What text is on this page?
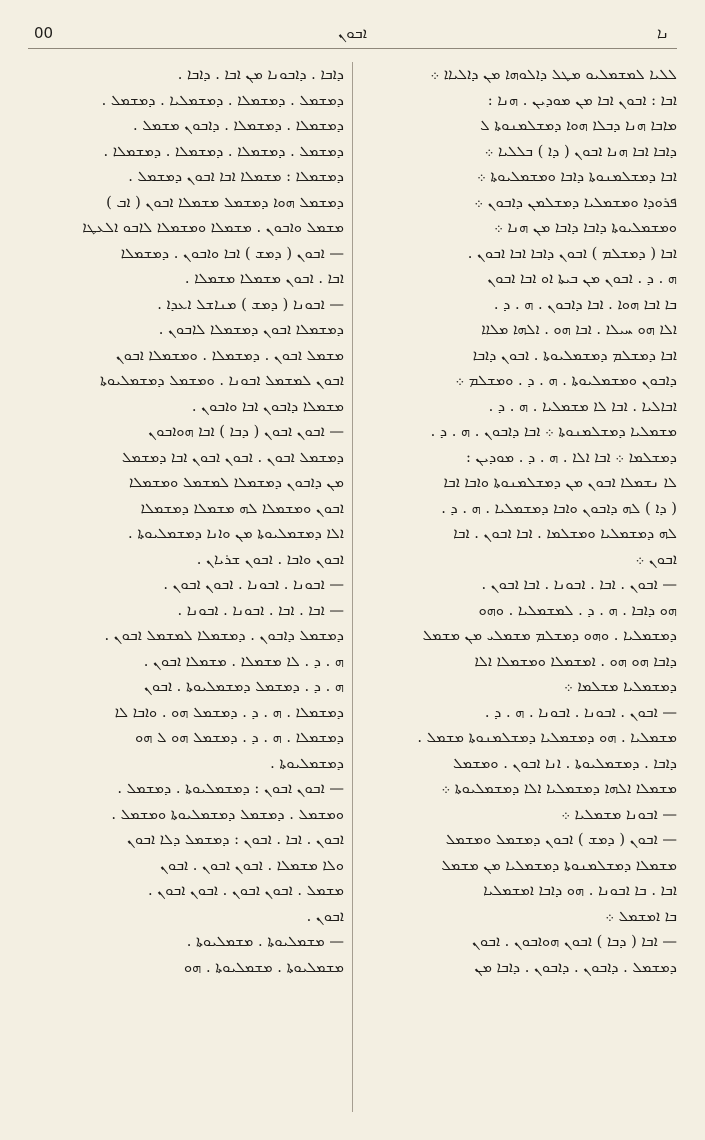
00	ܐܒܘܢ	ܢܐ
ܠܠܝܐ ܠܡܫܡܠܝܘ ܡܛܠ ܕܐܠܘܗܐ ܡܢ ܕܐܠܝܐܐ ܀
ܐܒܐ : ܐܒܘܢ ܐܒܐ ܡܢ ܡܘܕܝܢ . ܗܢܐ :
ܡܐܒܐ ܗܢܐ ܕܒܠܐ ܗܘܐ ܕܡܫܠܡܢܘܬܐ ܠ
ܕܐܒܐ ܐܒܐ ܗܢܐ ܐܒܘܢ ( ܕܐ ) ܒܠܠܝܐ ܀
ܐܒܐ ܕܡܫܠܡܢܘܬܐ ܕܐܒܐ ܘܡܫܡܠܝܘܬܐ ܀
ܦܪܘܕܐ ܘܡܫܡܠܝܐ ܕܡܫܠܡܢ ܕܐܒܘܢ ܀
ܘܡܫܡܠܝܘܬܐ ܕܐܒܐ ܕܐܒܐ ܡܢ ܗܢܐ ܀
ܐܒܐ ( ܕܡܫܠܡ ) ܐܒܘܢ ܕܐܒܐ ܐܒܐ ܐܒܘܢ .
ܗ . ܕ . ܐܒܘܢ ܡܢ ܒܝܬܐ ܐܘ ܐܒܐ ܐܒܘܢ
ܒܐ ܐܒܐ ܗܘܐ . ܐܒܐ ܕܐܒܘܢ . ܗ . ܕ .
ܐܠܐ ܗܘ ܚܝܠܐ . ܐܒܐ ܗܘ . ܐܠܗܐ ܡܠܐܐ
ܐܒܐ ܕܡܫܠܡ ܕܡܫܡܠܝܘܬܐ . ܐܒܘܢ ܕܐܒܐ
ܕܐܒܘܢ ܘܡܫܡܠܝܘܬܐ . ܗ . ܕ . ܘܡܫܠܡ ܀
ܐܒܐܠܝܐ . ܐܒܐ ܠܐ ܡܫܡܠܝܐ . ܗ . ܕ .
ܡܫܡܠܝܐ ܕܡܫܠܡܢܘܬܐ ܀ ܐܒܐ ܕܐܒܘܢ . ܗ . ܕ .
ܕܡܫܠܡܐ ܀ ܐܒܐ ܐܠܐ . ܗ . ܕ . ܡܘܕܝܢ :
ܠܐ ܢܫܡܠܐ ܐܒܘܢ ܡܢ ܕܡܫܠܡܢܘܬܐ ܘܐܒܐ ܐܒܐ
( ܕܐ ) ܠܗ ܕܐܒܘܢ ܘܐܒܐ ܕܡܫܡܠܝܐ . ܗ . ܕ .
ܠܗ ܕܡܫܡܠܝܐ ܘܡܫܠܡܐ . ܐܒܐ ܐܒܘܢ . ܐܒܐ
ܐܒܘܢ ܀
— ܐܒܘܢ . ܐܒܐ . ܐܒܘܢܐ . ܐܒܐ ܐܒܘܢ .
ܗܘ ܕܐܒܐ . ܗ . ܕ . ܠܡܫܡܠܝܐ . ܘܗܘ
ܕܡܫܡܠܝܐ . ܘܗܘ ܕܡܫܠܡ ܡܫܡܠܝ ܡܢ ܡܫܡܠ
ܕܐܒܐ ܗܘ ܗܘ . ܐܡܫܡܠܐ ܘܡܫܡܠܐ ܐܠܐ
ܕܡܫܡܠܝܐ ܡܫܠܡܐ ܀
— ܐܒܘܢ . ܐܒܘܢܐ . ܐܒܘܢܐ . ܗ . ܕ .
ܡܫܡܠܝܐ . ܗܘ ܕܡܫܡܠܝܐ ܕܡܫܠܡܢܘܬܐ ܡܫܡܠ .
ܕܐܒܐ . ܕܡܫܡܠܝܘܬܐ . ܐܢܐ ܐܒܘܢ . ܘܡܫܡܠ
ܡܫܡܠܐ ܐܠܗܐ ܕܡܫܡܠܝܐ ܐܠܐ ܕܡܫܡܠܝܘܬܐ ܀
— ܐܒܘܢܐ ܡܫܡܠܝܐ ܀
— ܐܒܘܢ ( ܕܡܫ ) ܐܒܘܢ ܕܡܫܡܠ ܘܡܫܡܠ
ܡܫܡܠܐ ܕܡܫܠܡܢܘܬܐ ܕܡܫܡܠܝܐ ܡܢ ܡܫܡܠ
ܐܒܐ . ܒܐ ܐܒܘܢܐ . ܗܘ ܕܐܒܐ ܐܡܫܡܠܝܐ
ܒܐ ܐܡܫܡܠ ܀
— ܐܒܐ ( ܕܒܐ ) ܐܒܘܢ ܗܘܐܒܘܢ . ܐܒܘܢ
ܕܡܫܡܠ . ܕܐܒܘܢ . ܕܐܒܘܢ . ܕܐܒܐ ܡܢ
ܕܐܒܐ . ܕܐܒܘܢܐ ܡܢ ܐܒܐ . ܕܐܒܐ .
ܕܡܫܡܠ . ܕܡܫܡܠܐ . ܕܡܫܡܠܝܐ . ܕܡܫܡܠ .
ܕܡܫܡܠܐ . ܕܡܫܡܠܐ . ܕܐܒܘܢ ܡܫܡܠ .
ܕܡܫܡܠ . ܕܡܫܡܠܐ . ܕܡܫܡܠܐ . ܕܡܫܡܠܐ .
ܕܡܫܡܠܐ : ܡܫܡܠܐ ܐܒܐ ܐܒܘܢ ܕܡܫܡܠ .
ܕܡܫܡܠ ܗܘܐ ܕܡܫܡܠ ܡܫܡܠܐ ܐܒܘܢ ( ܐܒ )
ܡܫܡܠ ܘܐܒܘܢ . ܡܫܡܠܐ ܘܡܫܡܠܐ ܠܐܒܘ ܐܠܥܛܐ
— ܐܒܘܢ ( ܕܡܫ ) ܐܒܐ ܘܐܒܘܢ . ܕܡܫܡܠܐ
ܐܒܐ . ܐܒܘܢ ܡܫܡܠܐ ܡܫܡܠܐ .
— ܐܒܘܢܐ ( ܕܡܫ ) ܡܢܐܫܠ ܐܥܕܐ .
ܕܡܫܡܠܐ ܐܒܘܢ ܕܡܫܡܠܐ ܠܐܒܘܢ .
ܡܫܡܠ ܐܒܘܢ . ܕܡܫܡܠܐ . ܘܡܫܡܠܐ ܐܒܘܢ
ܐܒܘܢ ܠܡܫܡܠ ܐܒܘܢܐ . ܘܡܫܡܠ ܕܡܫܡܠܝܘܬܐ
ܡܫܡܠܐ ܕܐܒܘܢ ܐܒܐ ܘܐܒܘܢ .
— ܐܒܘܢ ܐܒܘܢ ( ܕܒܐ ) ܐܒܐ ܗܘܐܒܘܢ
ܕܡܫܡܠ ܐܒܘܢ . ܐܒܘܢ ܐܒܘܢ ܐܒܐ ܕܡܫܡܠ
ܡܢ ܕܐܒܘܢ ܕܡܫܡܠܐ ܠܡܫܡܠ ܘܡܫܡܠܐ
ܐܒܘܢ ܘܡܫܡܠܐ ܠܗ ܡܫܡܠܐ ܕܡܫܡܠܐ
ܐܠܐ ܕܡܫܡܠܝܘܬܐ ܡܢ ܘܐܢܐ ܕܡܫܡܠܝܘܬܐ .
ܐܒܘܢ ܘܐܒܐ . ܐܒܘܢ ܫܪܝܐܢ .
— ܐܒܘܢܐ . ܐܒܘܢܐ . ܐܒܘܢ ܐܒܘܢ .
— ܐܒܐ . ܐܒܐ . ܐܒܘܢܐ . ܐܒܘܢܐ .
ܕܡܫܡܠ ܕܐܒܘܢ . ܕܡܫܡܠܐ ܠܡܫܡܠ ܐܒܘܢ .
ܗ . ܕ . ܠܐ ܡܫܡܠܐ . ܡܫܡܠܐ ܐܒܘܢ .
ܗ . ܕ . ܕܡܫܡܠ ܕܡܫܡܠܝܘܬܐ . ܐܒܘܢ
ܕܡܫܡܠܐ . ܗ . ܕ . ܕܡܫܡܠ ܗܘ . ܘܐܒܐ ܠܐ
ܕܡܫܡܠܐ . ܗ . ܕ . ܕܡܫܡܠ ܗܘ ܠ ܗܘ
ܕܡܫܡܠܝܘܬܐ .
— ܐܒܘܢ ܐܒܘܢ : ܕܡܫܡܠܝܘܬܐ . ܕܡܫܡܠ .
ܘܡܫܡܠ . ܕܡܫܡܠ ܕܡܫܡܠܝܘܬܐ ܘܡܫܡܠ .
ܐܒܘܢ . ܐܒܐ . ܐܒܘܢ : ܕܡܫܡܠ ܕܠܐ ܐܒܘܢ
ܘܠܐ ܡܫܡܠܐ . ܐܒܘܢ ܐܒܘܢ . ܐܒܘܢ
ܡܫܡܠ . ܐܒܘܢ ܐܒܘܢ . ܐܒܘܢ ܐܒܘܢ .
ܐܒܘܢ .
— ܡܫܡܠܝܘܬܐ . ܡܫܡܠܝܘܬܐ .
ܡܫܡܠܝܘܬܐ . ܡܫܡܠܝܘܬܐ . ܗܘ
